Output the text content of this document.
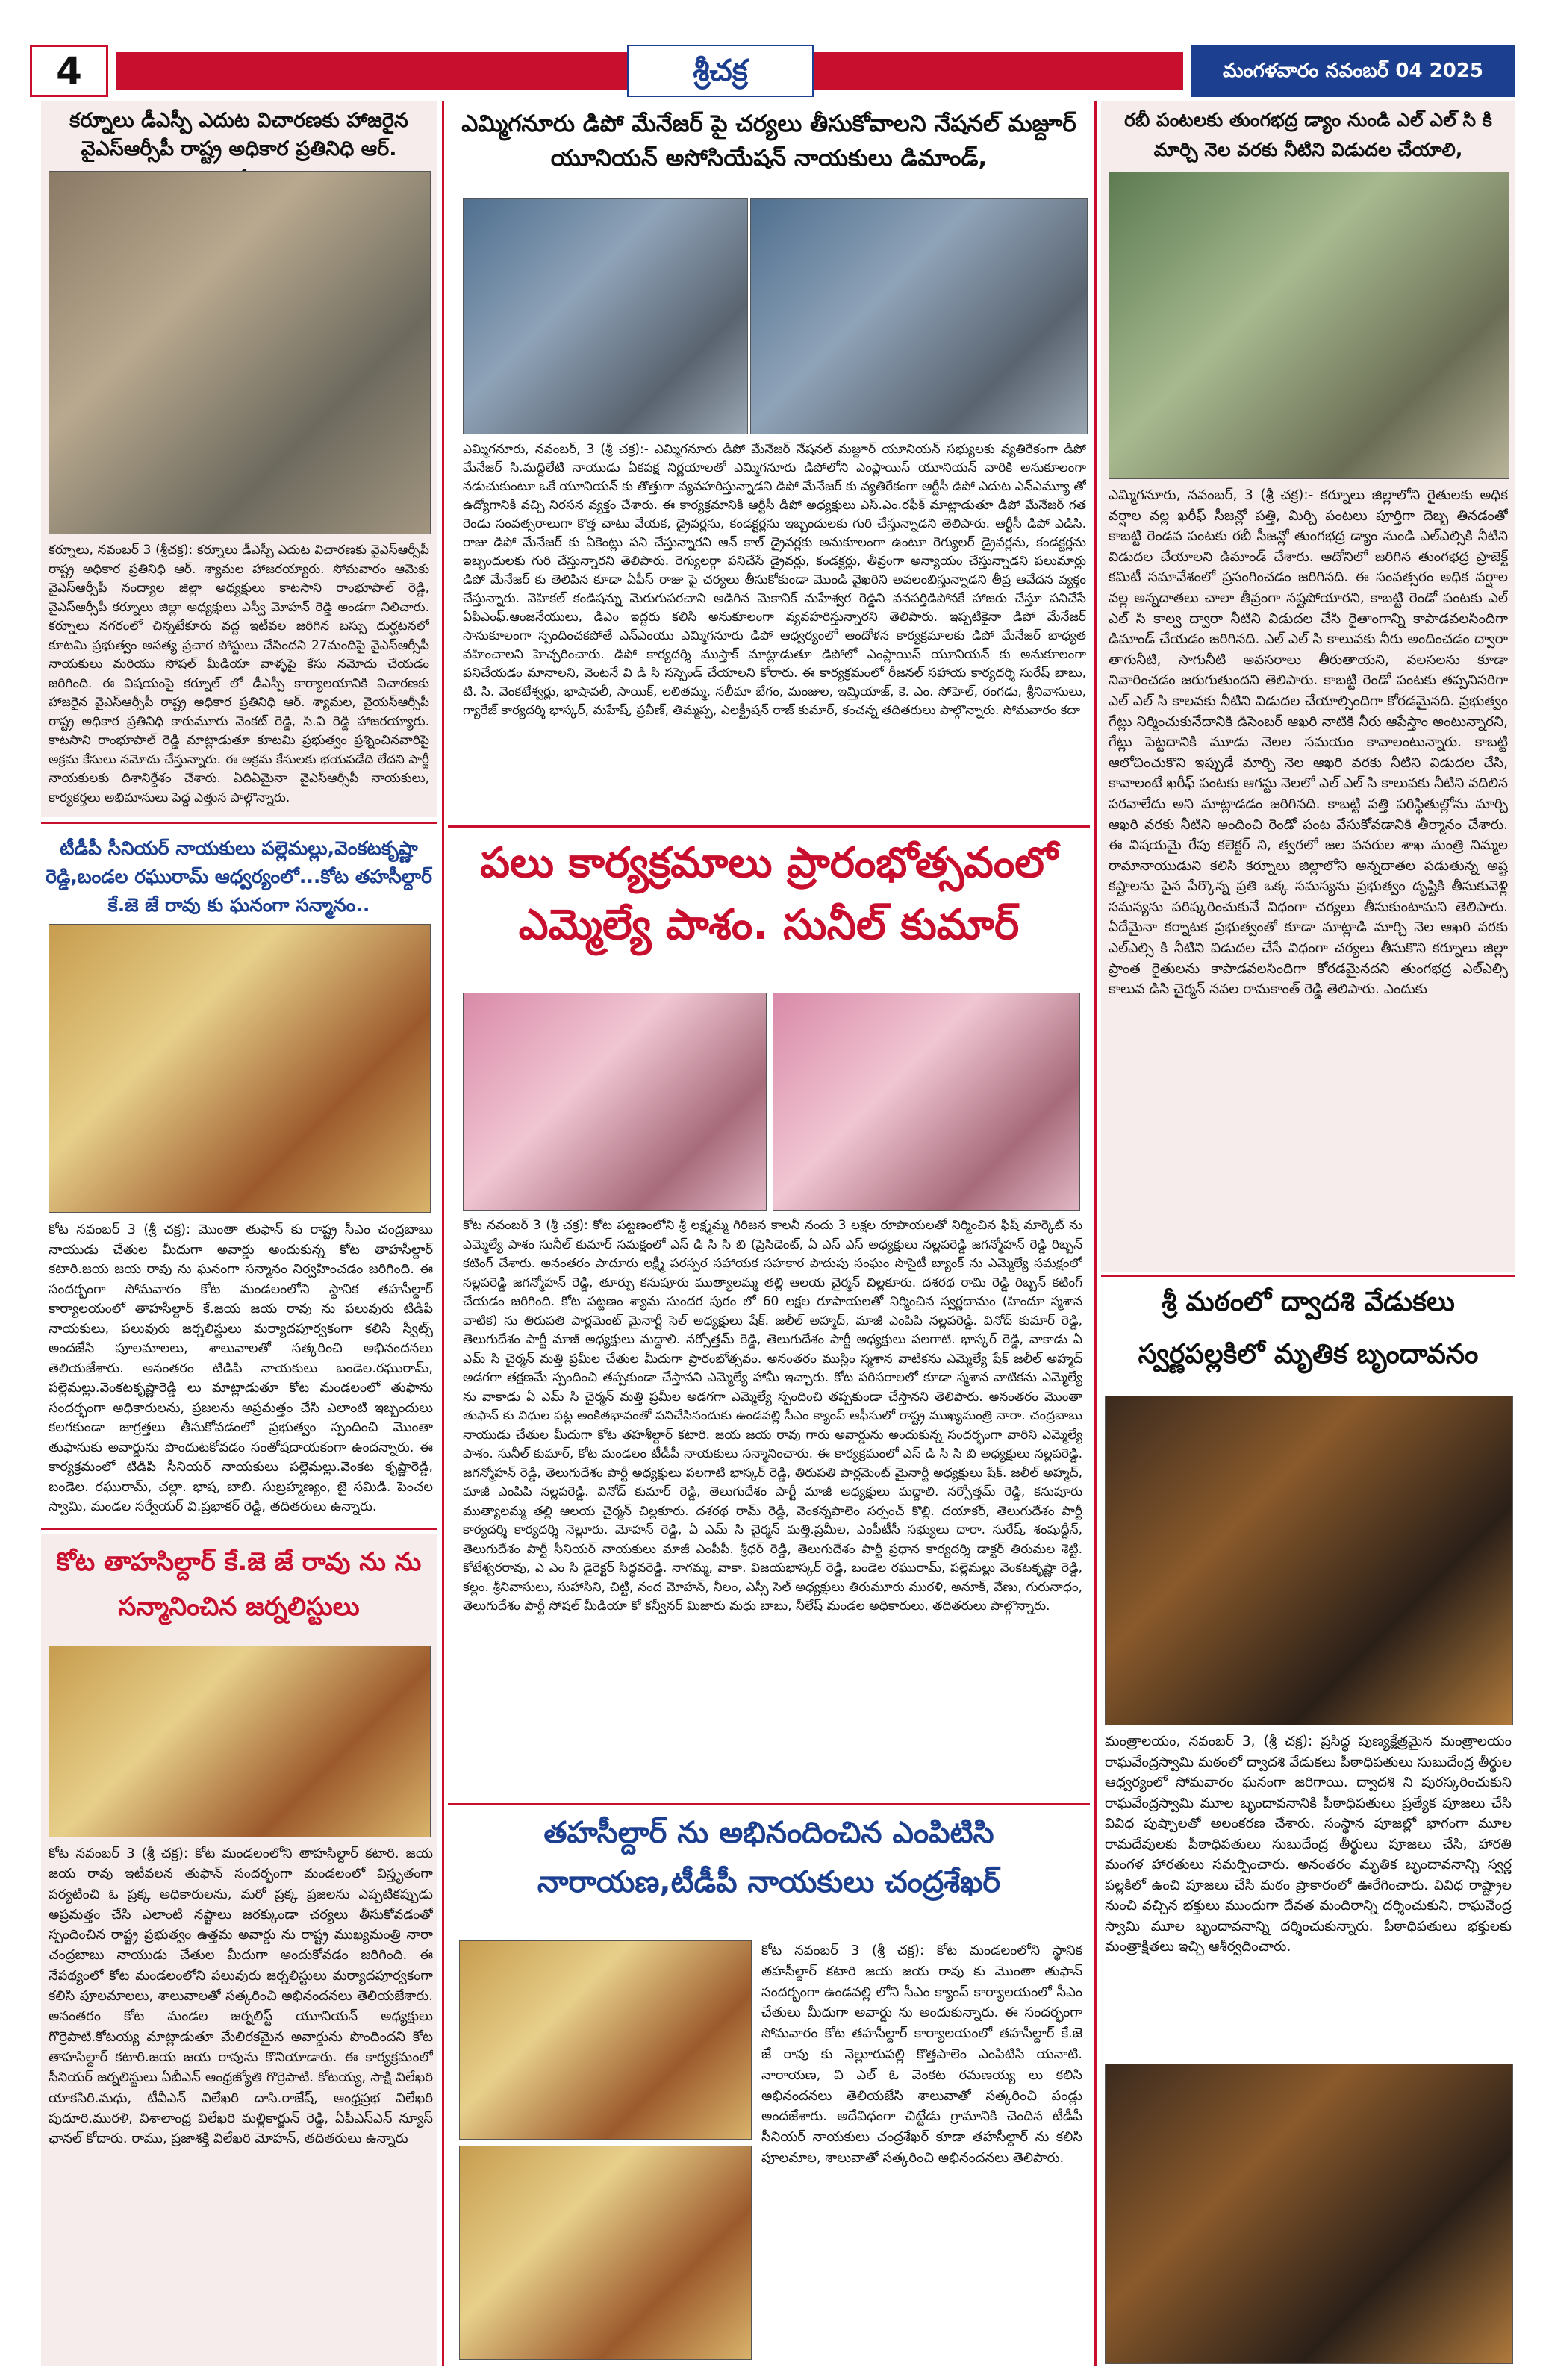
4	శ్రీచక్ర	మంగళవారం నవంబర్ 04 2025
కర్నూలు డీఎస్పీ ఎదుట విచారణకు హాజరైన వైఎస్ఆర్సీపీ రాష్ట్ర అధికార ప్రతినిధి ఆర్.
కర్నూలు, నవంబర్ 3 (శ్రీచక్ర): కర్నూలు డీఎస్పీ ఎదుట విచారణకు వైఎస్ఆర్సీపీ రాష్ట్ర అధికార ప్రతినిధి ఆర్. శ్యామల హాజరయ్యారు. సోమవారం ఆమెకు వైఎస్ఆర్సీపీ నంద్యాల జిల్లా అధ్యక్షులు కాటసాని రాంభూపాల్ రెడ్డి, వైఎస్ఆర్సీపీ కర్నూలు జిల్లా అధ్యక్షులు ఎస్వీ మోహన్ రెడ్డి అండగా నిలిచారు. కర్నూలు నగరంలో చిన్నటేకూరు వద్ద ఇటీవల జరిగిన బస్సు దుర్ఘటనలో కూటమి ప్రభుత్వం అసత్య ప్రచార పోస్టులు చేసిందని 27మందిపై వైఎస్ఆర్సీపీ నాయకులు మరియు సోషల్ మీడియా వాళ్ళపై కేసు నమోదు చేయడం జరిగింది. ఈ విషయంపై కర్నూల్ లో డీఎస్పీ కార్యాలయానికి విచారణకు హాజరైన వైఎస్ఆర్సీపీ రాష్ట్ర అధికార ప్రతినిధి ఆర్. శ్యామల, వైయస్ఆర్సీపీ రాష్ట్ర అధికార ప్రతినిధి కారుమూరు వెంకట్ రెడ్డి, సి.వి రెడ్డి హాజరయ్యారు. కాటసాని రాంభూపాల్ రెడ్డి మాట్లాడుతూ కూటమి ప్రభుత్వం ప్రశ్నించినవారిపై అక్రమ కేసులు నమోదు చేస్తున్నారు. ఈ అక్రమ కేసులకు భయపడేది లేదని పార్టీ నాయకులకు దిశానిర్దేశం చేశారు. ఏదిఏమైనా వైఎస్ఆర్సీపీ నాయకులు, కార్యకర్తలు అభిమానులు పెద్ద ఎత్తున పాల్గొన్నారు.
ఎమ్మిగనూరు డిపో మేనేజర్ పై చర్యలు తీసుకోవాలని నేషనల్ మజ్దూర్ యూనియన్ అసోసియేషన్ నాయకులు డిమాండ్,
ఎమ్మిగనూరు, నవంబర్, 3 (శ్రీ చక్ర):- ఎమ్మిగనూరు డిపో మేనేజర్ నేషనల్ మజ్దూర్ యూనియన్ సభ్యులకు వ్యతిరేకంగా డిపో మేనేజర్ సి.మద్దిలేటి నాయుడు ఏకపక్ష నిర్ణయాలతో ఎమ్మిగనూరు డిపోలోని ఎంప్లాయిస్ యూనియన్ వారికి అనుకూలంగా నడుచుకుంటూ ఒకే యూనియన్ కు తొత్తుగా వ్యవహరిస్తున్నాడని డిపో మేనేజర్ కు వ్యతిరేకంగా ఆర్టీసీ డిపో ఎదుట ఎన్ఎమ్యూ తో ఉద్యోగానికి వచ్చి నిరసన వ్యక్తం చేశారు. ఈ కార్యక్రమానికి ఆర్టీసీ డిపో అధ్యక్షులు ఎస్.ఎం.రఫీక్ మాట్లాడుతూ డిపో మేనేజర్ గత రెండు సంవత్సరాలుగా కొత్త చాటు వేయక, డ్రైవర్లను, కండక్టర్లను ఇబ్బందులకు గురి చేస్తున్నాడని తెలిపారు. ఆర్టీసీ డిపో ఎడిసి. రాజు డిపో మేనేజర్ కు ఏకెంట్లు పని చేస్తున్నారని ఆన్ కాల్ డ్రైవర్లకు అనుకూలంగా ఉంటూ రెగ్యులర్ డ్రైవర్లను, కండక్టర్లను ఇబ్బందులకు గురి చేస్తున్నారని తెలిపారు. రెగ్యులర్గా పనిచేసే డ్రైవర్లు, కండక్టర్లు, తీవ్రంగా అన్యాయం చేస్తున్నాడని పలుమార్లు డిపో మేనేజర్ కు తెలిపిన కూడా ఏపీస్ రాజు పై చర్యలు తీసుకోకుండా మొండి వైఖరిని అవలంబిస్తున్నాడని తీవ్ర ఆవేదన వ్యక్తం చేస్తున్నారు. వెహికల్ కండిషన్ను మెరుగుపరచాని అడిగిన మెకానిక్ మహేశ్వర రెడ్డిని వనపర్తిడిపోనకే హాజరు చేస్తూ పనిచేసే ఏపిఎంఫ్.ఆంజనేయులు, డిఎం ఇద్దరు కలిసి అనుకూలంగా వ్యవహరిస్తున్నారని తెలిపారు. ఇప్పటికైనా డిపో మేనేజర్ సానుకూలంగా స్పందించకపోతే ఎన్ఎంయు ఎమ్మిగనూరు డిపో ఆధ్వర్యంలో ఆందోళన కార్యక్రమాలకు డిపో మేనేజర్ బాధ్యత వహించాలని హెచ్చరించారు. డిపో కార్యదర్శి ముస్తాక్ మాట్లాడుతూ డిపోలో ఎంప్లాయిస్ యూనియన్ కు అనుకూలంగా పనిచేయడం మానాలని, వెంటనే వి డి సి సస్పెండ్ చేయాలని కోరారు. ఈ కార్యక్రమంలో రీజనల్ సహాయ కార్యదర్శి సురేష్ బాబు, టి. సి. వెంకటేశ్వర్లు, భాషావలీ, సాయిక్, లలితమ్మ, నలీమా బేగం, మంజుల, ఇమ్తియాజ్, కె. ఎం. సోహెల్, రంగడు, శ్రీనివాసులు, గ్యారేజ్ కార్యదర్శి భాస్కర్, మహేష్, ప్రవీణ్, తిమ్మప్ప, ఎలక్ట్రీషన్ రాజ్ కుమార్, కంచన్న తదితరులు పాల్గొన్నారు. సోమవారం కదా
రబీ పంటలకు తుంగభద్ర డ్యాం నుండి ఎల్ ఎల్ సి కి మార్చి నెల వరకు నీటిని విడుదల చేయాలి,
ఎమ్మిగనూరు, నవంబర్, 3 (శ్రీ చక్ర):- కర్నూలు జిల్లాలోని రైతులకు అధిక వర్షాల వల్ల ఖరీఫ్ సీజన్లో పత్తి, మిర్చి పంటలు పూర్తిగా దెబ్బ తినడంతో కాబట్టి రెండవ పంటకు రబీ సీజన్లో తుంగభద్ర డ్యాం నుండి ఎల్ఎల్సికి నీటిని విడుదల చేయాలని డిమాండ్ చేశారు. ఆదోనిలో జరిగిన తుంగభద్ర ప్రాజెక్ట్ కమిటీ సమావేశంలో ప్రసంగించడం జరిగినది. ఈ సంవత్సరం అధిక వర్షాల వల్ల అన్నదాతలు చాలా తీవ్రంగా నష్టపోయారని, కాబట్టి రెండో పంటకు ఎల్ ఎల్ సి కాల్వ ద్వారా నీటిని విడుదల చేసి రైతాంగాన్ని కాపాడవలసిందిగా డిమాండ్ చేయడం జరిగినది. ఎల్ ఎల్ సి కాలువకు నీరు అందించడం ద్వారా తాగునీటి, సాగునీటి అవసరాలు తీరుతాయని, వలసలను కూడా నివారించడం జరుగుతుందని తెలిపారు. కాబట్టి రెండో పంటకు తప్పనిసరిగా ఎల్ ఎల్ సి కాలవకు నీటిని విడుదల చేయాల్సిందిగా కోరడమైనది. ప్రభుత్వం గేట్లు నిర్మించుకునేదానికి డిసెంబర్ ఆఖరి నాటికి నీరు ఆపేస్తాం అంటున్నారని, గేట్లు పెట్టదానికి మూడు నెలల సమయం కావాలంటున్నారు. కాబట్టి ఆలోచించుకొని ఇప్పుడే మార్చి నెల ఆఖరి వరకు నీటిని విడుదల చేసి, కావాలంటే ఖరీఫ్ పంటకు ఆగస్టు నెలలో ఎల్ ఎల్ సి కాలువకు నీటిని వదిలిన పరవాలేదు అని మాట్లాడడం జరిగినది. కాబట్టి పత్తి పరిస్థితుల్లోను మార్చి ఆఖరి వరకు నీటిని అందించి రెండో పంట వేసుకోవడానికి తీర్మానం చేశారు. ఈ విషయమై రేపు కలెక్టర్ ని, త్వరలో జల వనరుల శాఖ మంత్రి నిమ్మల రామానాయుడుని కలిసి కర్నూలు జిల్లాలోని అన్నదాతల పడుతున్న అష్ట కష్టాలను పైన పేర్కొన్న ప్రతి ఒక్క సమస్యను ప్రభుత్వం దృష్టికి తీసుకువెళ్లి సమస్యను పరిష్కరించుకునే విధంగా చర్యలు తీసుకుంటామని తెలిపారు. ఏదేమైనా కర్నాటక ప్రభుత్వంతో కూడా మాట్లాడి మార్చి నెల ఆఖరి వరకు ఎల్ఎల్సి కి నీటిని విడుదల చేసే విధంగా చర్యలు తీసుకొని కర్నూలు జిల్లా ప్రాంత రైతులను కాపాడవలసిందిగా కోరడమైనదని తుంగభద్ర ఎల్ఎల్సి కాలువ డిసి చైర్మన్ నవల రామకాంత్ రెడ్డి తెలిపారు. ఎందుకు
టీడీపీ సీనియర్ నాయకులు పల్లెమల్లు,వెంకటకృష్ణా రెడ్డి,బండల రఘురామ్ ఆధ్వర్యంలో...కోట తహసీల్దార్ కే.జె జే రావు కు ఘనంగా సన్మానం..
కోట నవంబర్ 3 (శ్రీ చక్ర): మొంతా తుఫాన్ కు రాష్ట్ర సీఎం చంద్రబాబు నాయుడు చేతుల మీదుగా అవార్డు అందుకున్న కోట తాహసీల్దార్ కటారి.జయ జయ రావు ను ఘనంగా సన్మానం నిర్వహించడం జరిగింది. ఈ సందర్భంగా సోమవారం కోట మండలంలోని స్థానిక తహసీల్దార్ కార్యాలయంలో తాహసీల్దార్ కే.జయ జయ రావు ను పలువురు టిడిపి నాయకులు, పలువురు జర్నలిస్టులు మర్యాదపూర్వకంగా కలిసి స్వీట్స్ అందజేసి పూలమాలలు, శాలువాలతో సత్కరించి అభినందనలు తెలియజేశారు. అనంతరం టిడిపి నాయకులు బండెల.రఘురామ్, పల్లెమల్లు.వెంకటకృష్ణారెడ్డి లు మాట్లాడుతూ కోట మండలంలో తుఫాను సందర్భంగా అధికారులను, ప్రజలను అప్రమత్తం చేసి ఎలాంటి ఇబ్బందులు కలగకుండా జాగ్రత్తలు తీసుకోవడంలో ప్రభుత్వం స్పందించి మొంతా తుఫానుకు అవార్డును పొందుటకోవడం సంతోషదాయకంగా ఉందన్నారు. ఈ కార్యక్రమంలో టిడిపి సీనియర్ నాయకులు పల్లెమల్లు.వెంకట కృష్ణారెడ్డి, బండెల. రఘురామ్, చల్లా. భాష, బాబి. సుబ్రహ్మణ్యం, జై సమిడి. పెంచల స్వామి, మండల సర్వేయర్ వి.ప్రభాకర్ రెడ్డి, తదితరులు ఉన్నారు.
కోట తాహసిల్దార్ కే.జె జే రావు ను ను సన్మానించిన జర్నలిస్టులు
కోట నవంబర్ 3 (శ్రీ చక్ర): కోట మండలంలోని తాహసిల్దార్ కటారి. జయ జయ రావు ఇటీవలన తుఫాన్ సందర్భంగా మండలంలో విస్తృతంగా పర్యటించి ఓ ప్రక్క అధికారులను, మరో ప్రక్క ప్రజలను ఎప్పటికప్పుడు అప్రమత్తం చేసి ఎలాంటి నష్టాలు జరక్కుండా చర్యలు తీసుకోవడంతో స్పందించిన రాష్ట్ర ప్రభుత్వం ఉత్తమ అవార్డు ను రాష్ట్ర ముఖ్యమంత్రి నారా చంద్రబాబు నాయుడు చేతుల మీదుగా అందుకోవడం జరిగింది. ఈ నేపథ్యంలో కోట మండలంలోని పలువురు జర్నలిస్టులు మర్యాదపూర్వకంగా కలిసి పూలమాలలు, శాలువాలతో సత్కరించి అభినందనలు తెలియజేశారు. అనంతరం కోట మండల జర్నలిస్ట్ యూనియన్ అధ్యక్షులు గొర్రెపాటి.కోటయ్య మాట్లాడుతూ మేలిరకమైన అవార్డును పొందిందని కోట తాహసిల్దార్ కటారి.జయ జయ రావును కొనియాడారు. ఈ కార్యక్రమంలో సీనియర్ జర్నలిస్టులు ఏబీఎన్ ఆంధ్రజ్యోతి గొర్రెపాటి. కోటయ్య, సాక్షి విలేఖరి యాకసిరి.మధు, టీవీఎన్ విలేఖరి దాసి.రాజేష్, ఆంధ్రప్రభ విలేఖరి పుదూరి.మురళి, విశాలాంధ్ర విలేఖరి మల్లికార్జున్ రెడ్డి, ఏపీఎస్ఎన్ న్యూస్ ఛానల్ కోదారు. రాము, ప్రజాశక్తి విలేఖరి మోహన్, తదితరులు ఉన్నారు
పలు కార్యక్రమాలు ప్రారంభోత్సవంలో
ఎమ్మెల్యే పాశం. సునీల్ కుమార్
కోట నవంబర్ 3 (శ్రీ చక్ర): కోట పట్టణంలోని శ్రీ లక్ష్మమ్మ గిరిజన కాలనీ నందు 3 లక్షల రూపాయలతో నిర్మించిన ఫిష్ మార్కెట్ ను ఎమ్మెల్యే పాశం సునీల్ కుమార్ సమక్షంలో ఎస్ డి సి సి బి (ప్రెసిడెంట్, ఏ ఎస్ ఎస్ అధ్యక్షులు నల్లపరెడ్డి జగన్మోహన్ రెడ్డి రిబ్బన్ కటింగ్ చేశారు. అనంతరం పాదూరు లక్ష్మీ పరస్పర సహాయక సహకార పొదుపు సంఘం సొసైటీ బ్యాంక్ ను ఎమ్మెల్యే సమక్షంలో నల్లపరెడ్డి జగన్మోహన్ రెడ్డి, తూర్పు కనుపూరు ముత్యాలమ్మ తల్లి ఆలయ చైర్మన్ చిల్లకూరు. దశరథ రామి రెడ్డి రిబ్బన్ కటింగ్ చేయడం జరిగింది. కోట పట్టణం శ్యామ సుందర పురం లో 60 లక్షల రూపాయలతో నిర్మించిన స్వర్ణదామం (హిందూ స్మశాన వాటిక) ను తిరుపతి పార్లమెంట్ మైనార్టీ సెల్ అధ్యక్షులు షేక్. జలీల్ అహ్మద్, మాజీ ఎంపిపి నల్లపరెడ్డి. వినోద్ కుమార్ రెడ్డి, తెలుగుదేశం పార్టీ మాజీ అధ్యక్షులు మద్దాలి. నర్సోత్తమ్ రెడ్డి, తెలుగుదేశం పార్టీ అధ్యక్షులు పలగాటి. భాస్కర్ రెడ్డి, వాకాడు ఏ ఎమ్ సి చైర్మన్ మత్తి ప్రమీల చేతుల మీదుగా ప్రారంభోత్సవం. అనంతరం ముస్లిం స్మశాన వాటికను ఎమ్మెల్యే షేక్ జలీల్ అహ్మద్ అడగగా తక్షణమే స్పందించి తప్పకుండా చేస్తానని ఎమ్మెల్యే హామీ ఇచ్చారు. కోట పరిసరాలలో కూడా స్మశాన వాటికను ఎమ్మెల్యే ను వాకాడు ఏ ఎమ్ సి చైర్మన్ మత్తి ప్రమీల అడగగా ఎమ్మెల్యే స్పందించి తప్పకుండా చేస్తానని తెలిపారు. అనంతరం మొంతా తుఫాన్ కు విధుల పట్ల అంకితభావంతో పనిచేసినందుకు ఉండవల్లి సీఎం క్యాంప్ ఆఫీసులో రాష్ట్ర ముఖ్యమంత్రి నారా. చంద్రబాబు నాయుడు చేతుల మీదుగా కోట తహశీల్దార్ కటారి. జయ జయ రావు గారు అవార్డును అందుకున్న సందర్భంగా వారిని ఎమ్మెల్యే పాశం. సునీల్ కుమార్, కోట మండలం టీడీపీ నాయకులు సన్మానించారు. ఈ కార్యక్రమంలో ఎస్ డి సి సి బి అధ్యక్షులు నల్లపరెడ్డి. జగన్మోహన్ రెడ్డి, తెలుగుదేశం పార్టీ అధ్యక్షులు పలగాటి భాస్కర్ రెడ్డి, తిరుపతి పార్లమెంట్ మైనార్టీ అధ్యక్షులు షేక్. జలీల్ అహ్మద్, మాజీ ఎంపిపి నల్లపరెడ్డి. వినోద్ కుమార్ రెడ్డి, తెలుగుదేశం పార్టీ మాజీ అధ్యక్షులు మద్దాలి. నర్సోత్తమ్ రెడ్డి, కనుపూరు ముత్యాలమ్మ తల్లి ఆలయ చైర్మన్ చిల్లకూరు. దశరథ రామ్ రెడ్డి, వెంకన్నపాలెం సర్పంచ్ కొల్లి. దయాకర్, తెలుగుదేశం పార్టీ కార్యదర్శి కార్యదర్శి నెల్లూరు. మోహన్ రెడ్డి, ఏ ఎమ్ సి చైర్మన్ మత్తి.ప్రమీల, ఎంపీటీసీ సభ్యులు దారా. సురేష్, శంషుద్దీన్, తెలుగుదేశం పార్టీ సీనియర్ నాయకులు మాజీ ఎంపీపీ. శ్రీధర్ రెడ్డి, తెలుగుదేశం పార్టీ ప్రధాన కార్యదర్శి డాక్టర్ తిరుమల శెట్టి. కోటేశ్వరరావు, ఎ ఎం సి డైరెక్టర్ సిద్ధవరెడ్డి. నాగమ్మ, వాకా. విజయభాస్కర్ రెడ్డి, బండెల రఘురామ్, పల్లెమల్లు వెంకటకృష్ణా రెడ్డి, కల్లం. శ్రీనివాసులు, సుహాసిని, చిట్టి, నంద మోహన్, నీలం, ఎస్సీ సెల్ అధ్యక్షులు తిరుమూరు మురళి, అనూక్, వేణు, గురునాధం, తెలుగుదేశం పార్టీ సోషల్ మీడియా కో కన్వీనర్ మిజారు మధు బాబు, నీలేష్ మండల అధికారులు, తదితరులు పాల్గొన్నారు.
తహసీల్దార్ ను అభినందించిన ఎంపిటిసి
నారాయణ,టీడీపీ నాయకులు చంద్రశేఖర్
కోట నవంబర్ 3 (శ్రీ చక్ర): కోట మండలంలోని స్థానిక తహసీల్దార్ కటారి జయ జయ రావు కు మొంతా తుఫాన్ సందర్భంగా ఉండవల్లి లోని సీఎం క్యాంప్ కార్యాలయంలో సీఎం చేతులు మీదుగా అవార్డు ను అందుకున్నారు. ఈ సందర్భంగా సోమవారం కోట తహసీల్దార్ కార్యాలయంలో తహసీల్దార్ కే.జె జే రావు కు నెల్లూరుపల్లి కొత్తపాలెం ఎంపిటిసి యనాటి. నారాయణ, వి ఎల్ ఓ వెంకట రమణయ్య లు కలిసి అభినందనలు తెలియజేసి శాలువాతో సత్కరించి పండ్లు అందజేశారు. అదేవిధంగా చిట్టేడు గ్రామానికి చెందిన టీడీపీ సీనియర్ నాయకులు చంద్రశేఖర్ కూడా తహసీల్దార్ ను కలిసి పూలమాల, శాలువాతో సత్కరించి అభినందనలు తెలిపారు.
శ్రీ మఠంలో ద్వాదశి వేడుకలు
స్వర్ణపల్లకిలో మృతిక బృందావనం
మంత్రాలయం, నవంబర్ 3, (శ్రీ చక్ర): ప్రసిద్ధ పుణ్యక్షేత్రమైన మంత్రాలయం రాఘవేంద్రస్వామి మఠంలో ద్వాదశి వేడుకలు పీఠాధిపతులు సుబుదేంద్ర తీర్థుల ఆధ్వర్యంలో సోమవారం ఘనంగా జరిగాయి. ద్వాదశి ని పురస్కరించుకుని రాఘవేంద్రస్వామి మూల బృందావనానికి పీఠాధిపతులు ప్రత్యేక పూజలు చేసి వివిధ పుష్పాలతో అలంకరణ చేశారు. సంస్థాన పూజల్లో భాగంగా మూల రామదేవులకు పీఠాధిపతులు సుబుదేంద్ర తీర్థులు పూజలు చేసి, హారతి మంగళ హారతులు సమర్పించారు. అనంతరం మృతిక బృందావనాన్ని స్వర్ణ పల్లకిలో ఉంచి పూజలు చేసి మఠం ప్రాకారంలో ఊరేగించారు. వివిధ రాష్ట్రాల నుంచి వచ్చిన భక్తులు ముందుగా దేవత మందిరాన్ని దర్శించుకుని, రాఘవేంద్ర స్వామి మూల బృందావనాన్ని దర్శించుకున్నారు. పీఠాధిపతులు భక్తులకు మంత్రాక్షితలు ఇచ్చి ఆశీర్వదించారు.
